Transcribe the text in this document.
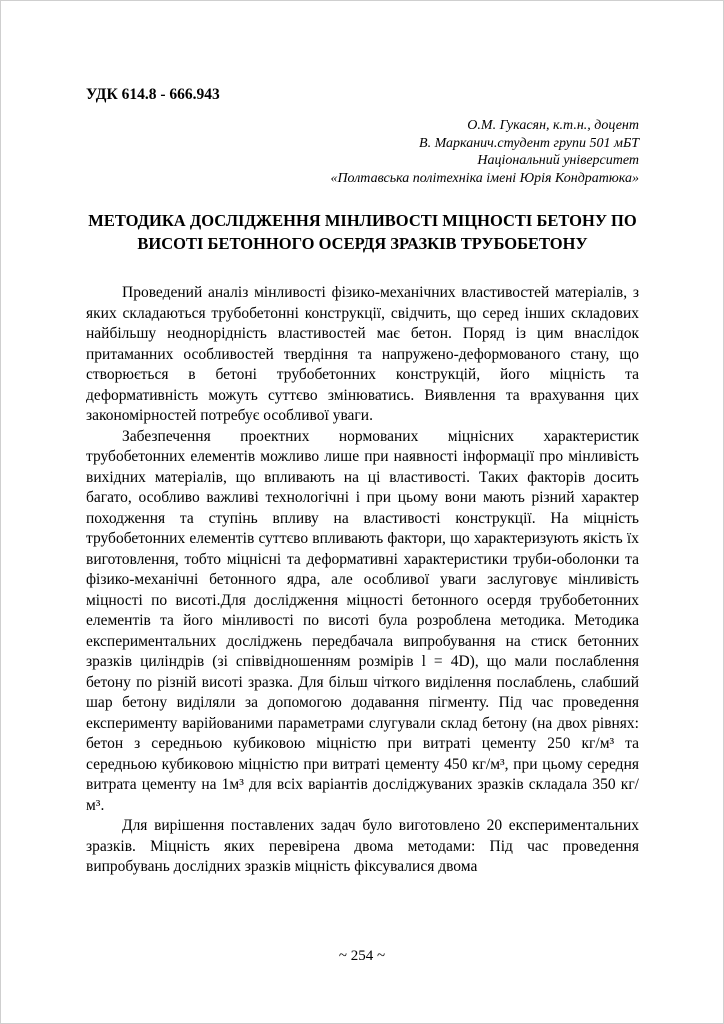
УДК 614.8 - 666.943
О.М. Гукасян, к.т.н., доцент
В. Марканич.студент групи 501 мБТ
Національний університет
«Полтавська політехніка імені Юрія Кондратюка»
МЕТОДИКА ДОСЛІДЖЕННЯ МІНЛИВОСТІ МІЦНОСТІ БЕТОНУ ПО ВИСОТІ БЕТОННОГО ОСЕРДЯ ЗРАЗКІВ ТРУБОБЕТОНУ

Проведений аналіз мінливості фізико-механічних властивостей матеріалів, з яких складаються трубобетонні конструкції, свідчить, що серед інших складових найбільшу неоднорідність властивостей має бетон. Поряд із цим внаслідок притаманних особливостей твердіння та напружено-деформованого стану, що створюється в бетоні трубобетонних конструкцій, його міцність та деформативність можуть суттєво змінюватись. Виявлення та врахування цих закономірностей потребує особливої уваги.

Забезпечення проектних нормованих міцнісних характеристик трубобетонних елементів можливо лише при наявності інформації про мінливість вихідних матеріалів, що впливають на ці властивості. Таких факторів досить багато, особливо важливі технологічні і при цьому вони мають різний характер походження та ступінь впливу на властивості конструкції. На міцність трубобетонних елементів суттєво впливають фактори, що характеризують якість їх виготовлення, тобто міцнісні та деформативні характеристики труби-оболонки та фізико-механічні бетонного ядра, але особливої уваги заслуговує мінливість міцності по висоті.Для дослідження міцності бетонного осердя трубобетонних елементів та його мінливості по висоті була розроблена методика. Методика експериментальних досліджень передбачала випробування на стиск бетонних зразків циліндрів (зі співвідношенням розмірів l = 4D), що мали послаблення бетону по різній висоті зразка. Для більш чіткого виділення послаблень, слабший шар бетону виділяли за допомогою додавання пігменту. Під час проведення експерименту варійованими параметрами слугували склад бетону (на двох рівнях: бетон з середньою кубиковою міцністю при витраті цементу 250 кг/м³ та середньою кубиковою міцністю при витраті цементу 450 кг/м³, при цьому середня витрата цементу на 1м³ для всіх варіантів досліджуваних зразків складала 350 кг/м³.

Для вирішення поставлених задач було виготовлено 20 експериментальних зразків. Міцність яких перевірена двома методами: Під час проведення випробувань дослідних зразків міцність фіксувалися двома

~ 254 ~
